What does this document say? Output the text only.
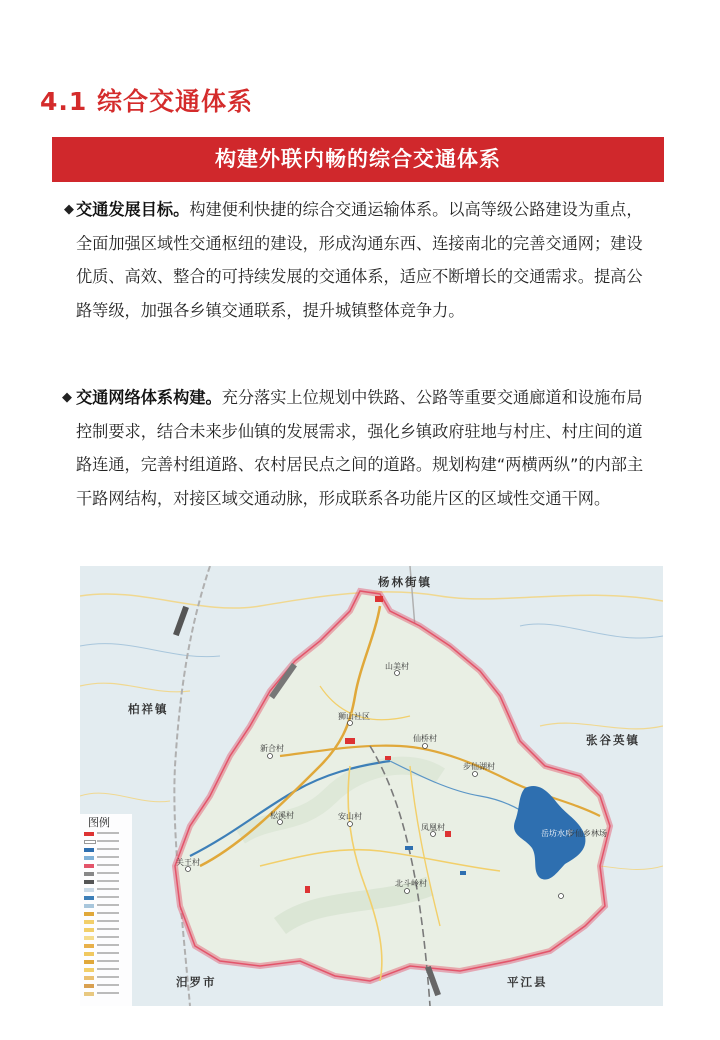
4.1 综合交通体系
构建外联内畅的综合交通体系

◆ 交通发展目标。构建便利快捷的综合交通运输体系。以高等级公路建设为重点，全面加强区域性交通枢纽的建设，形成沟通东西、连接南北的完善交通网；建设优质、高效、整合的可持续发展的交通体系，适应不断增长的交通需求。提高公路等级，加强各乡镇交通联系，提升城镇整体竞争力。

◆ 交通网络体系构建。充分落实上位规划中铁路、公路等重要交通廊道和设施布局控制要求，结合未来步仙镇的发展需求，强化乡镇政府驻地与村庄、村庄间的道路连通，完善村组道路、农村居民点之间的道路。规划构建“两横两纵”的内部主干路网结构，对接区域交通动脉，形成联系各功能片区的区域性交通干网。

杨林街镇
柏祥镇
张谷英镇
汨罗市	平江县
山美村
狮山社区
新合村
仙桥村
步仙湖村
松溪村	安山村
凤凰村
关王村
北斗岭村
岳坊水库
步仙乡林场
图例
